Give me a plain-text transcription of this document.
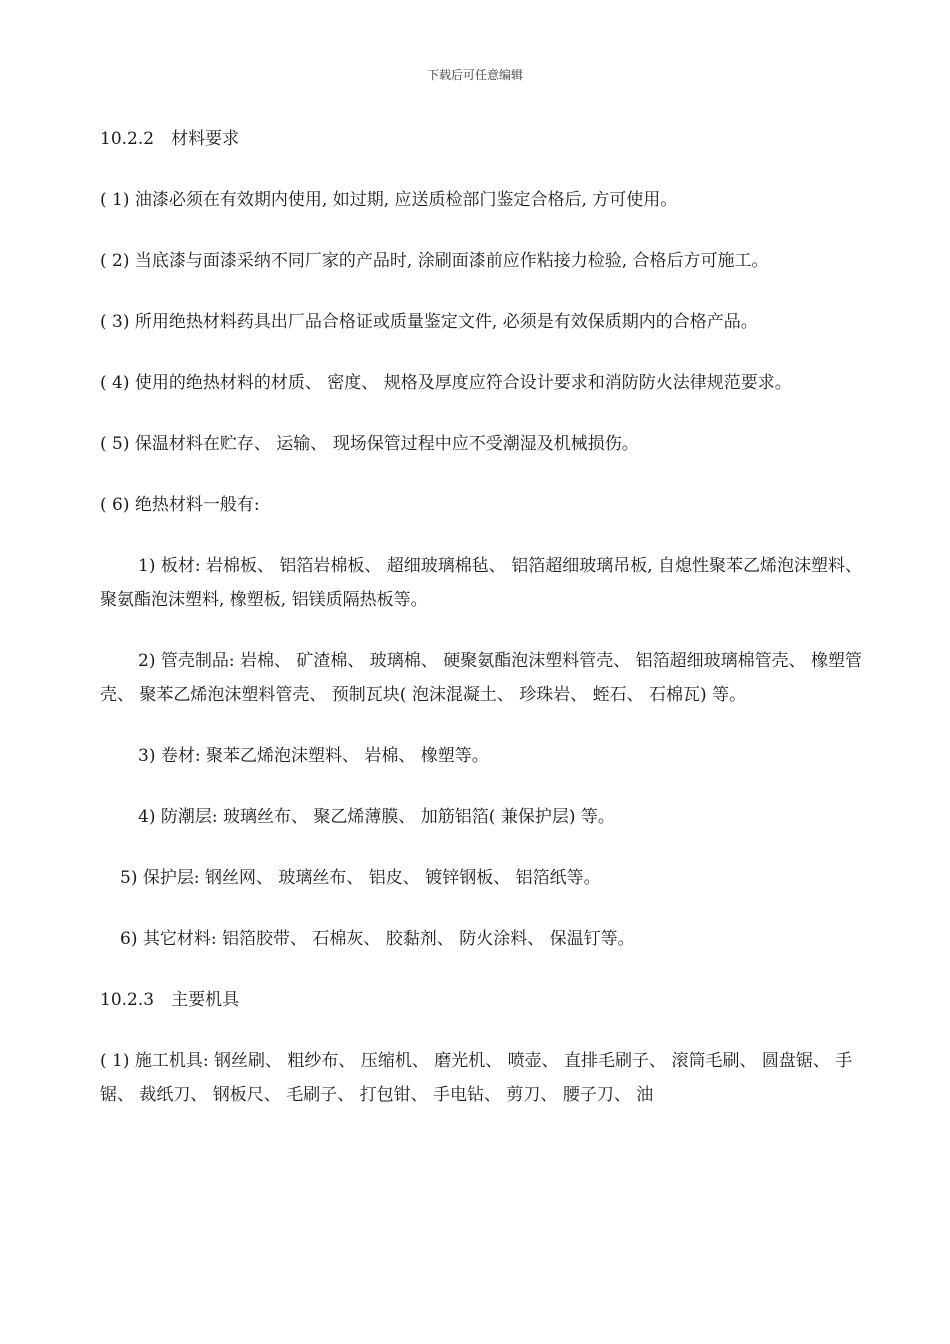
下载后可任意编辑

10.2.2　材料要求

( 1) 油漆必须在有效期内使用, 如过期, 应送质检部门鉴定合格后, 方可使用。

( 2) 当底漆与面漆采纳不同厂家的产品时, 涂刷面漆前应作粘接力检验, 合格后方可施工。

( 3) 所用绝热材料药具出厂品合格证或质量鉴定文件, 必须是有效保质期内的合格产品。

( 4) 使用的绝热材料的材质、 密度、 规格及厚度应符合设计要求和消防防火法律规范要求。

( 5) 保温材料在贮存、 运输、 现场保管过程中应不受潮湿及机械损伤。

( 6) 绝热材料一般有:

1) 板材: 岩棉板、 铝箔岩棉板、 超细玻璃棉毡、 铝箔超细玻璃吊板, 自熄性聚苯乙烯泡沫塑料、 聚氨酯泡沫塑料, 橡塑板, 铝镁质隔热板等。

2) 管壳制品: 岩棉、 矿渣棉、 玻璃棉、 硬聚氨酯泡沫塑料管壳、 铝箔超细玻璃棉管壳、 橡塑管壳、 聚苯乙烯泡沫塑料管壳、 预制瓦块( 泡沫混凝土、 珍珠岩、 蛭石、 石棉瓦) 等。

3) 卷材: 聚苯乙烯泡沫塑料、 岩棉、 橡塑等。

4) 防潮层: 玻璃丝布、 聚乙烯薄膜、 加筋铝箔( 兼保护层) 等。

5) 保护层: 钢丝网、 玻璃丝布、 铝皮、 镀锌钢板、 铝箔纸等。

6) 其它材料: 铝箔胶带、 石棉灰、 胶黏剂、 防火涂料、 保温钉等。

10.2.3　主要机具

( 1) 施工机具: 钢丝刷、 粗纱布、 压缩机、 磨光机、 喷壶、 直排毛刷子、 滚筒毛刷、 圆盘锯、 手锯、 裁纸刀、 钢板尺、 毛刷子、 打包钳、 手电钻、 剪刀、 腰子刀、 油
